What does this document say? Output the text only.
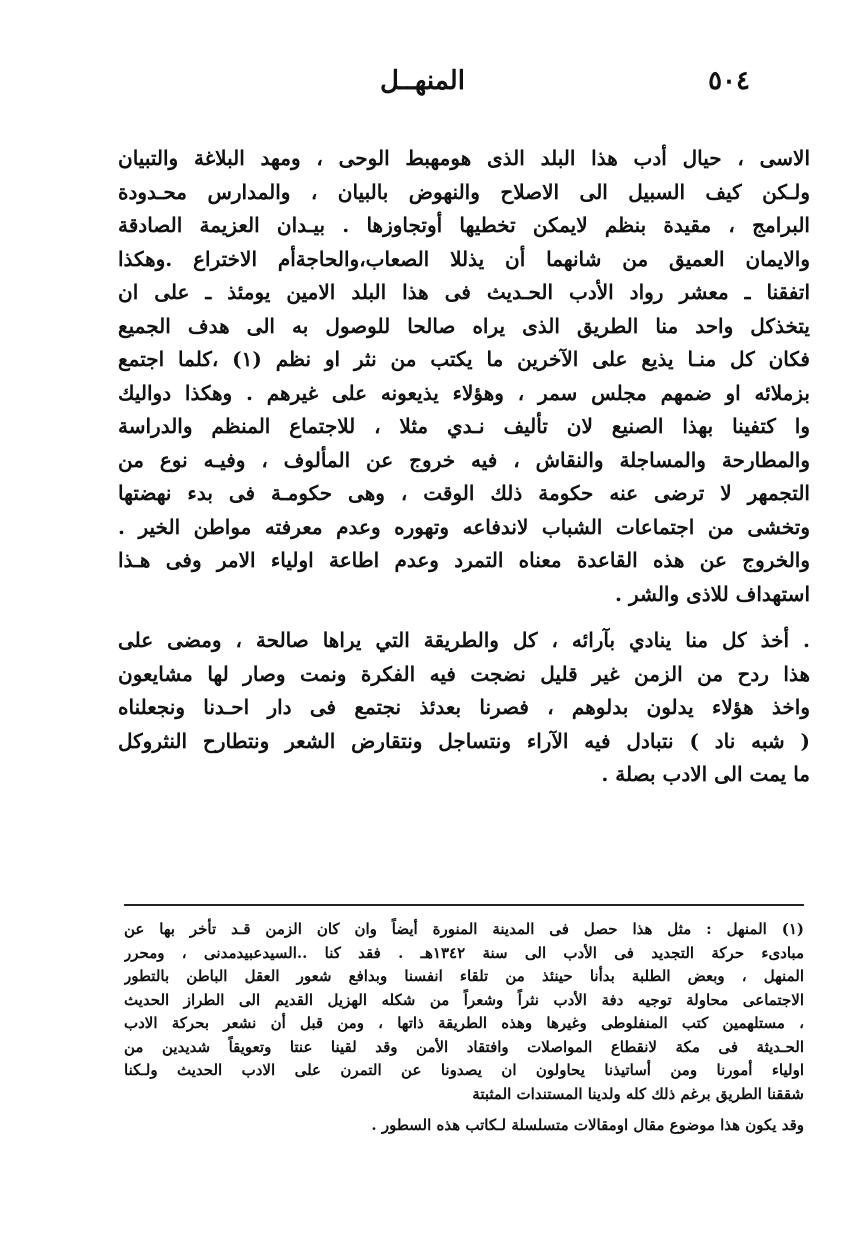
٥٠٤
المنهــل
الاسى ، حيال أدب هذا البلد الذى هومهبط الوحى ، ومهد البلاغة والتبيان
ولـكن كيف السبيل الى الاصلاح والنهوض بالبيان ، والمدارس محـدودة
البرامج ، مقيدة بنظم لايمكن تخطيها أوتجاوزها . بيـدان العزيمة الصادقة
والايمان العميق من شانهما أن يذللا الصعاب،والحاجةأم الاختراع .وهكذا
اتفقنا ـ معشر رواد الأدب الحـديث فى هذا البلد الامين يومئذ ـ على ان
يتخذكل واحد منا الطريق الذى يراه صالحا للوصول به الى هدف الجميع
فكان كل منـا يذيع على الآخرين ما يكتب من نثر او نظم (١) ،كلما اجتمع
بزملائه او ضمهم مجلس سمر ، وهؤلاء يذيعونه على غيرهم . وهكذا دواليك
وا كتفينا بهذا الصنيع لان تأليف نـدي مثلا ، للاجتماع المنظم والدراسة
والمطارحة والمساجلة والنقاش ، فيه خروج عن المألوف ، وفيـه نوع من
التجمهر لا ترضى عنه حكومة ذلك الوقت ، وهى حكومـة فى بدء نهضتها
وتخشى من اجتماعات الشباب لاندفاعه وتهوره وعدم معرفته مواطن الخير .
والخروج عن هذه القاعدة معناه التمرد وعدم اطاعة اولياء الامر وفى هـذا
استهداف للاذى والشر .
. أخذ كل منا ينادي بآرائه ، كل والطريقة التي يراها صالحة ، ومضى على
هذا ردح من الزمن غير قليل نضجت فيه الفكرة ونمت وصار لها مشايعون
واخذ هؤلاء يدلون بدلوهم ، فصرنا بعدئذ نجتمع فى دار احـدنا ونجعلناه
( شبه ناد ) نتبادل فيه الآراء ونتساجل ونتقارض الشعر ونتطارح النثروكل
ما يمت الى الادب بصلة .
(١) المنهل : مثل هذا حصل فى المدينة المنورة أيضاً وان كان الزمن قـد تأخر بها عن
مبادىء حركة التجديد فى الأدب الى سنة ١٣٤٢هـ . فقد كنا ..السيدعبيدمدنى ، ومحرر
المنهل ، وبعض الطلبة بدأنا حينئذ من تلقاء انفسنا وبدافع شعور العقل الباطن بالتطور
الاجتماعى محاولة توجيه دفة الأدب نثراً وشعراً من شكله الهزيل القديم الى الطراز الحديث
، مستلهمين كتب المنفلوطى وغيرها وهذه الطريقة ذاتها ، ومن قبل أن نشعر بحركة الادب
الحـديثة فى مكة لانقطاع المواصلات وافتقاد الأمن وقد لقينا عنتا وتعويقاً شديدين من
اولياء أمورنا ومن أساتيذنا يحاولون ان يصدونا عن التمرن على الادب الحديث ولـكنا
شققنا الطريق برغم ذلك كله ولدينا المستندات المثبتة
وقد يكون هذا موضوع مقال اومقالات متسلسلة لـكاتب هذه السطور .
